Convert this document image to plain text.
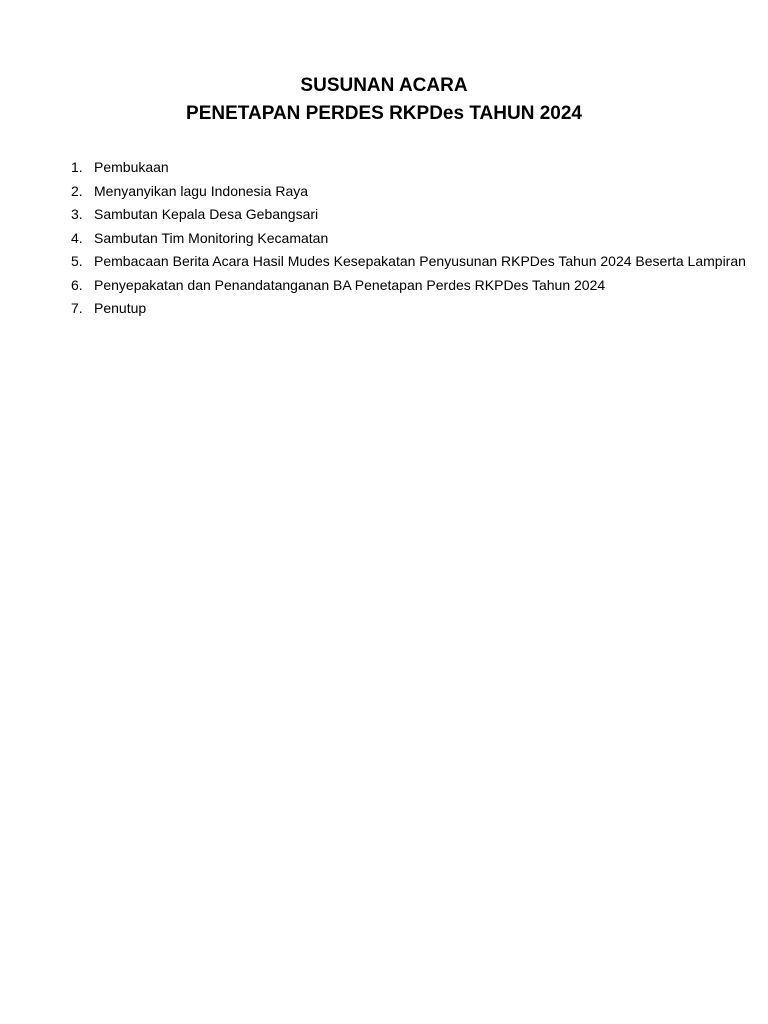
SUSUNAN ACARA

PENETAPAN PERDES RKPDes TAHUN 2024

1. Pembukaan
2. Menyanyikan lagu Indonesia Raya
3. Sambutan Kepala Desa Gebangsari
4. Sambutan Tim Monitoring Kecamatan
5. Pembacaan Berita Acara Hasil Mudes Kesepakatan Penyusunan RKPDes Tahun 2024 Beserta Lampiran
6. Penyepakatan dan Penandatanganan BA Penetapan Perdes RKPDes Tahun 2024
7. Penutup
